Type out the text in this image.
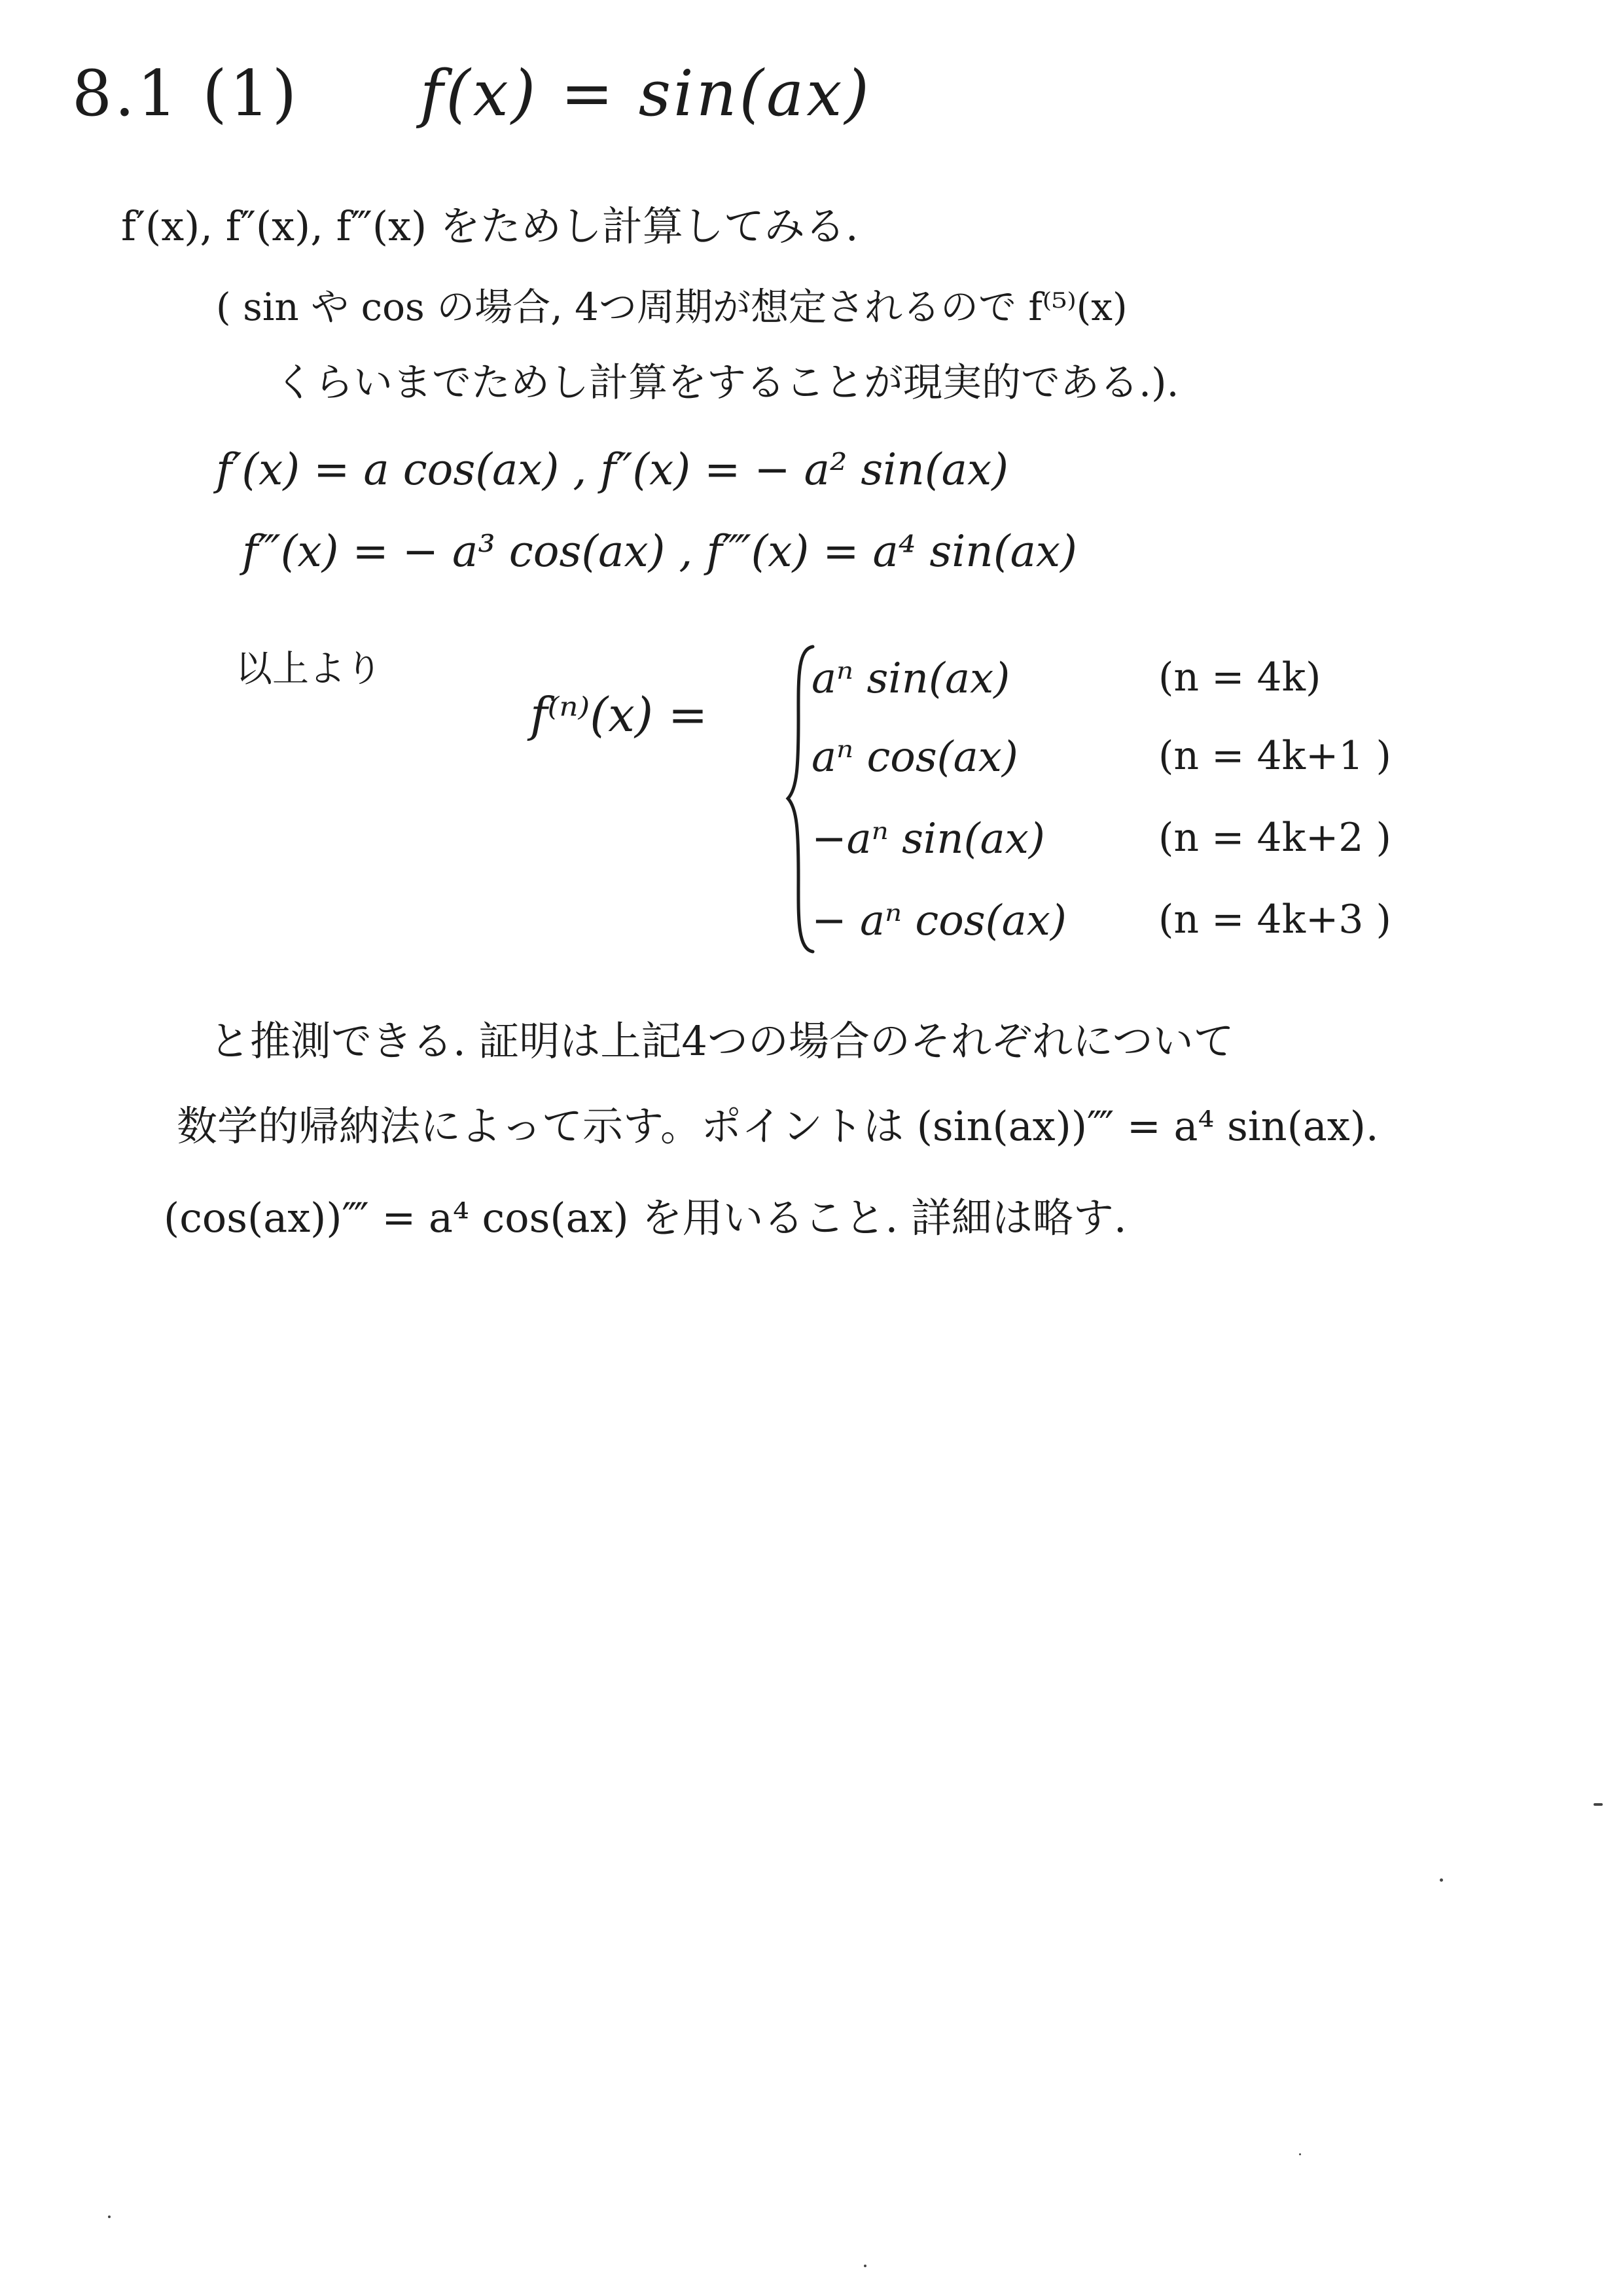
8.1 (1) f(x) = sin(ax)
f′(x), f″(x), f‴(x) をためし計算してみる.
( sin や cos の場合, 4つ周期が想定されるので f⁽⁵⁾(x)
くらいまでためし計算をすることが現実的である.).
f′(x) = a cos(ax) , f″(x) = − a² sin(ax)
f‴(x) = − a³ cos(ax) , f⁗(x) = a⁴ sin(ax)
以上より
f⁽ⁿ⁾(x) =
aⁿ sin(ax)	(n = 4k)
aⁿ cos(ax)	(n = 4k+1 )
−aⁿ sin(ax)	(n = 4k+2 )
− aⁿ cos(ax) (n = 4k+3 )
と推測できる. 証明は上記4つの場合のそれぞれについて
数学的帰納法によって示す。ポイントは (sin(ax))⁗ = a⁴ sin(ax).
(cos(ax))⁗ = a⁴ cos(ax) を用いること. 詳細は略す.
